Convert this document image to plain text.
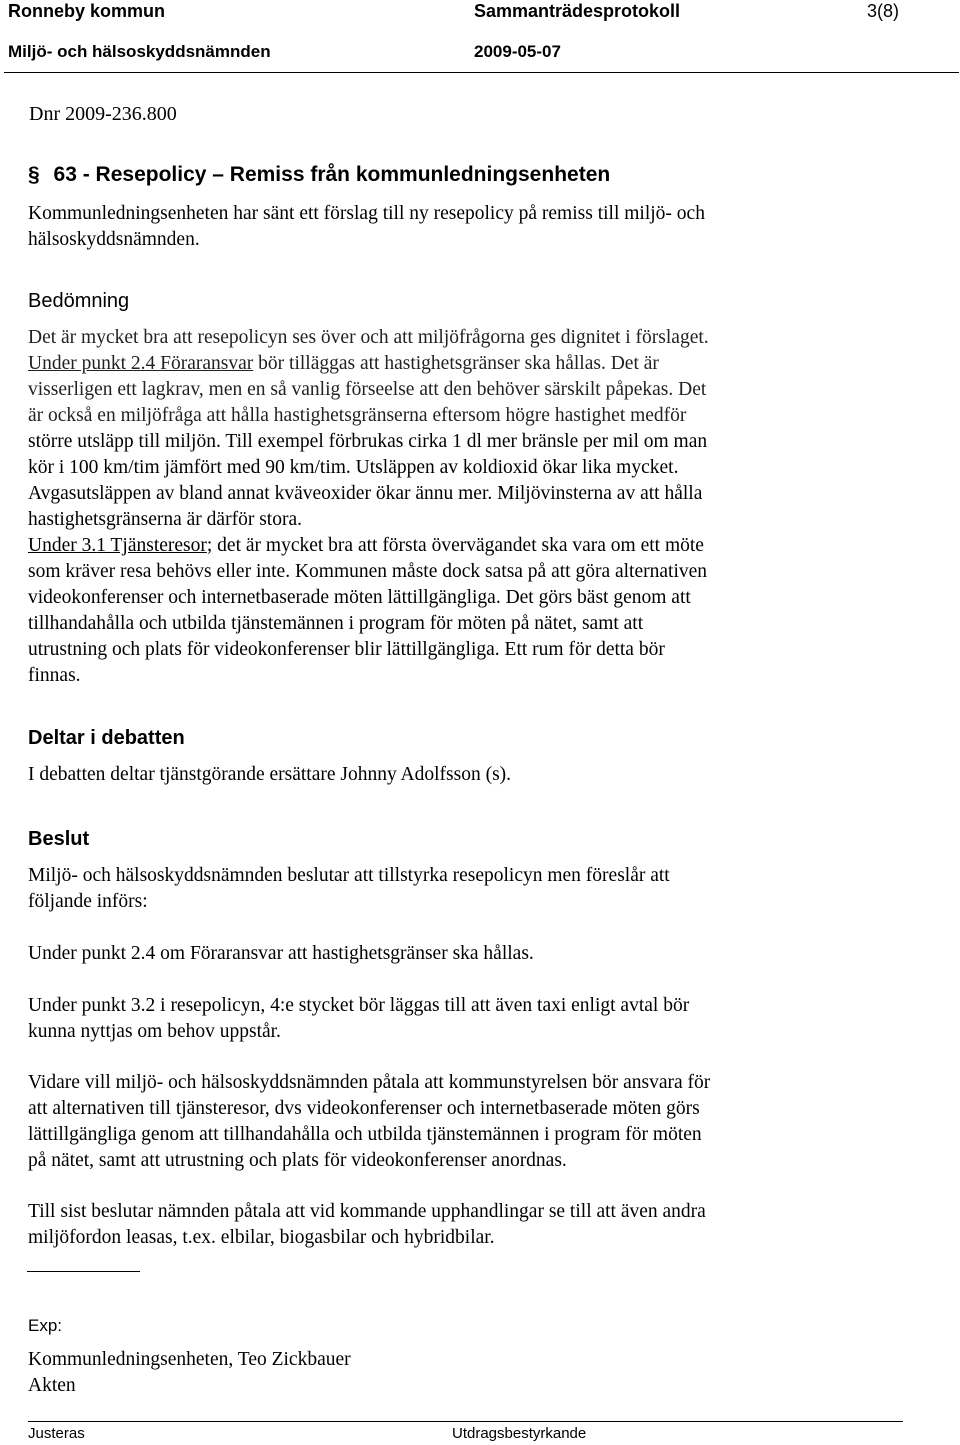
Ronneby kommun	Sammanträdesprotokoll	3(8)
Miljö- och hälsoskyddsnämnden	2009-05-07
Dnr 2009-236.800
§ 63 - Resepolicy – Remiss från kommunledningsenheten
Kommunledningsenheten har sänt ett förslag till ny resepolicy på remiss till miljö- och
hälsoskyddsnämnden.
Bedömning
Det är mycket bra att resepolicyn ses över och att miljöfrågorna ges dignitet i förslaget.
Under punkt 2.4 Föraransvar bör tilläggas att hastighetsgränser ska hållas. Det är
visserligen ett lagkrav, men en så vanlig förseelse att den behöver särskilt påpekas. Det
är också en miljöfråga att hålla hastighetsgränserna eftersom högre hastighet medför
större utsläpp till miljön. Till exempel förbrukas cirka 1 dl mer bränsle per mil om man
kör i 100 km/tim jämfört med 90 km/tim. Utsläppen av koldioxid ökar lika mycket.
Avgasutsläppen av bland annat kväveoxider ökar ännu mer. Miljövinsterna av att hålla
hastighetsgränserna är därför stora.
Under 3.1 Tjänsteresor; det är mycket bra att första övervägandet ska vara om ett möte
som kräver resa behövs eller inte. Kommunen måste dock satsa på att göra alternativen
videokonferenser och internetbaserade möten lättillgängliga. Det görs bäst genom att
tillhandahålla och utbilda tjänstemännen i program för möten på nätet, samt att
utrustning och plats för videokonferenser blir lättillgängliga. Ett rum för detta bör
finnas.
Deltar i debatten
I debatten deltar tjänstgörande ersättare Johnny Adolfsson (s).
Beslut
Miljö- och hälsoskyddsnämnden beslutar att tillstyrka resepolicyn men föreslår att
följande införs:
Under punkt 2.4 om Föraransvar att hastighetsgränser ska hållas.
Under punkt 3.2 i resepolicyn, 4:e stycket bör läggas till att även taxi enligt avtal bör
kunna nyttjas om behov uppstår.
Vidare vill miljö- och hälsoskyddsnämnden påtala att kommunstyrelsen bör ansvara för
att alternativen till tjänsteresor, dvs videokonferenser och internetbaserade möten görs
lättillgängliga genom att tillhandahålla och utbilda tjänstemännen i program för möten
på nätet, samt att utrustning och plats för videokonferenser anordnas.
Till sist beslutar nämnden påtala att vid kommande upphandlingar se till att även andra
miljöfordon leasas, t.ex. elbilar, biogasbilar och hybridbilar.
Exp:
Kommunledningsenheten, Teo Zickbauer
Akten
Justeras	Utdragsbestyrkande
